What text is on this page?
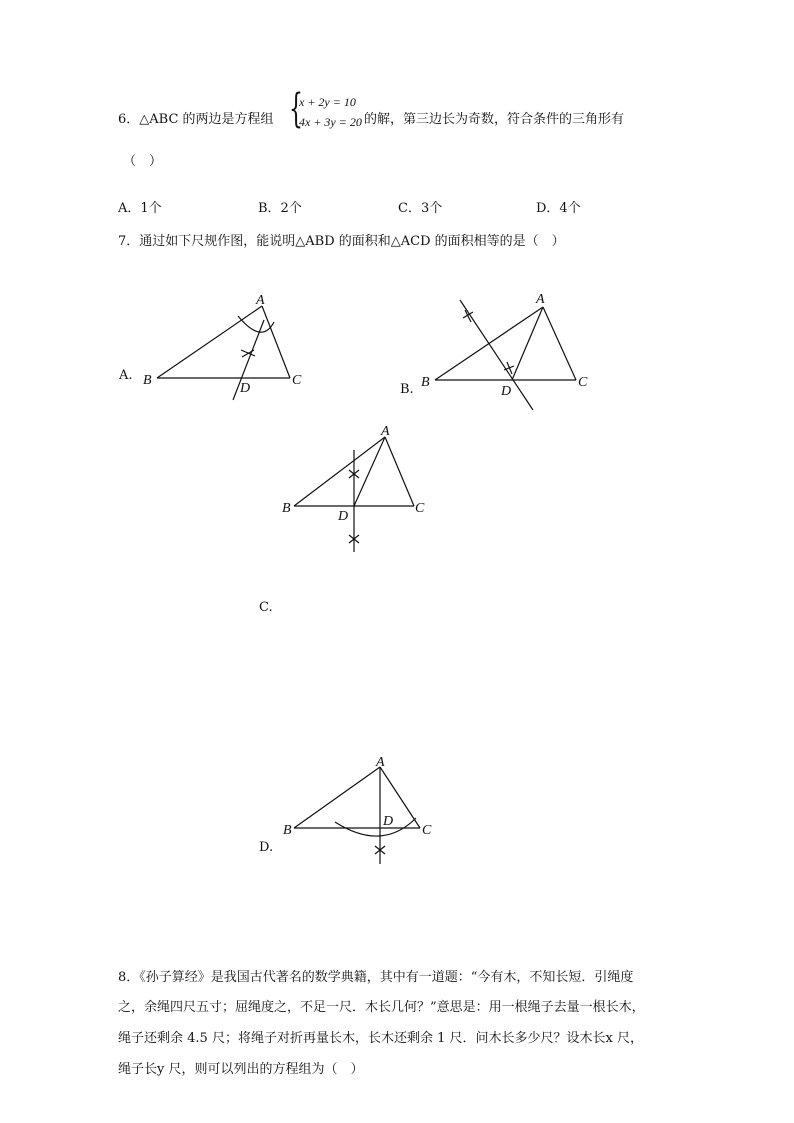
6．△ABC 的两边是方程组 {
x + 2y = 10
4x + 3y = 20 的解，第三边长为奇数，符合条件的三角形有
（　）
A．1个	B．2个	C．3个	D．4个
7．通过如下尺规作图，能说明△ABD 的面积和△ACD 的面积相等的是（　）
A.
A
B	C
D	B.
A
B	C
D
A
B	C
D
C.
A
B	C
D
D.
8．《孙子算经》是我国古代著名的数学典籍，其中有一道题：“今有木，不知长短．引绳度
之，余绳四尺五寸；屈绳度之，不足一尺．木长几何？”意思是：用一根绳子去量一根长木，
绳子还剩余 4.5 尺；将绳子对折再量长木，长木还剩余 1 尺．问木长多少尺？设木长x 尺，
绳子长y 尺，则可以列出的方程组为（　）
